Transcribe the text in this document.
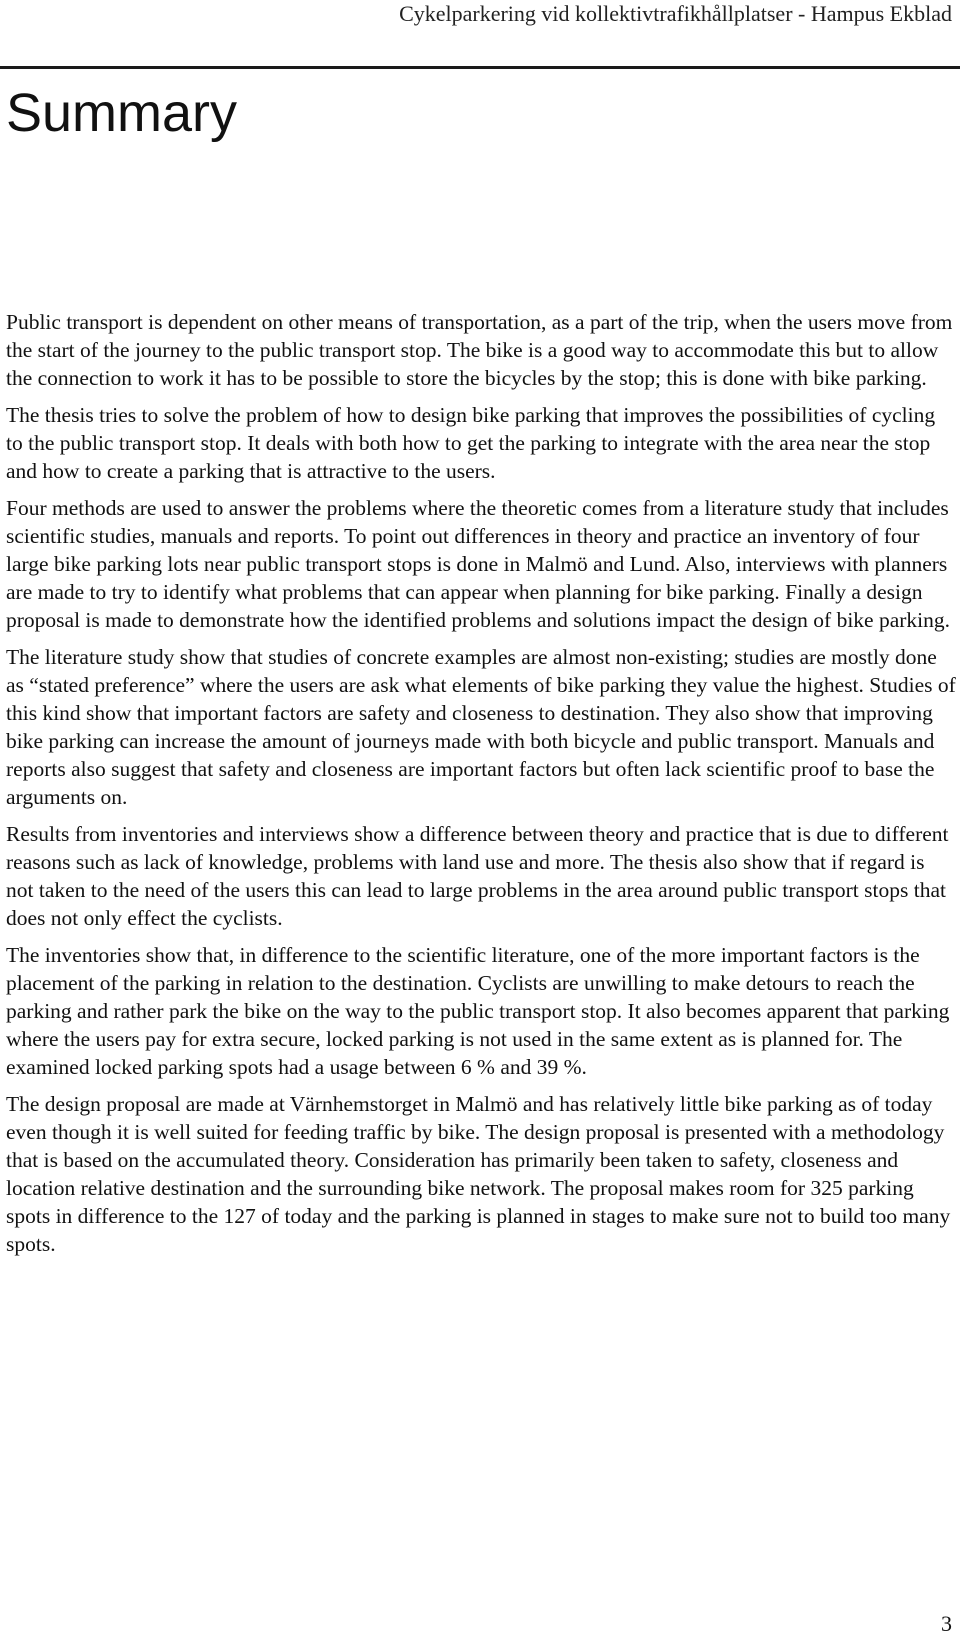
Cykelparkering vid kollektivtrafikhållplatser - Hampus Ekblad
Summary

Public transport is dependent on other means of transportation, as a part of the trip, when the users move from the start of the journey to the public transport stop. The bike is a good way to accommodate this but to allow the connection to work it has to be possible to store the bicycles by the stop; this is done with bike parking.

The thesis tries to solve the problem of how to design bike parking that improves the possibilities of cycling to the public transport stop. It deals with both how to get the parking to integrate with the area near the stop and how to create a parking that is attractive to the users.

Four methods are used to answer the problems where the theoretic comes from a literature study that includes scientific studies, manuals and reports. To point out differences in theory and practice an inventory of four large bike parking lots near public transport stops is done in Malmö and Lund. Also, interviews with planners are made to try to identify what problems that can appear when planning for bike parking. Finally a design proposal is made to demonstrate how the identified problems and solutions impact the design of bike parking.

The literature study show that studies of concrete examples are almost non-existing; studies are mostly done as “stated preference” where the users are ask what elements of bike parking they value the highest. Studies of this kind show that important factors are safety and closeness to destination. They also show that improving bike parking can increase the amount of journeys made with both bicycle and public transport. Manuals and reports also suggest that safety and closeness are important factors but often lack scientific proof to base the arguments on.

Results from inventories and interviews show a difference between theory and practice that is due to different reasons such as lack of knowledge, problems with land use and more. The thesis also show that if regard is not taken to the need of the users this can lead to large problems in the area around public transport stops that does not only effect the cyclists.

The inventories show that, in difference to the scientific literature, one of the more important factors is the placement of the parking in relation to the destination. Cyclists are unwilling to make detours to reach the parking and rather park the bike on the way to the public transport stop. It also becomes apparent that parking where the users pay for extra secure, locked parking is not used in the same extent as is planned for. The examined locked parking spots had a usage between 6 % and 39 %.

The design proposal are made at Värnhemstorget in Malmö and has relatively little bike parking as of today even though it is well suited for feeding traffic by bike. The design proposal is presented with a methodology that is based on the accumulated theory. Consideration has primarily been taken to safety, closeness and location relative destination and the surrounding bike network. The proposal makes room for 325 parking spots in difference to the 127 of today and the parking is planned in stages to make sure not to build too many spots.

3
